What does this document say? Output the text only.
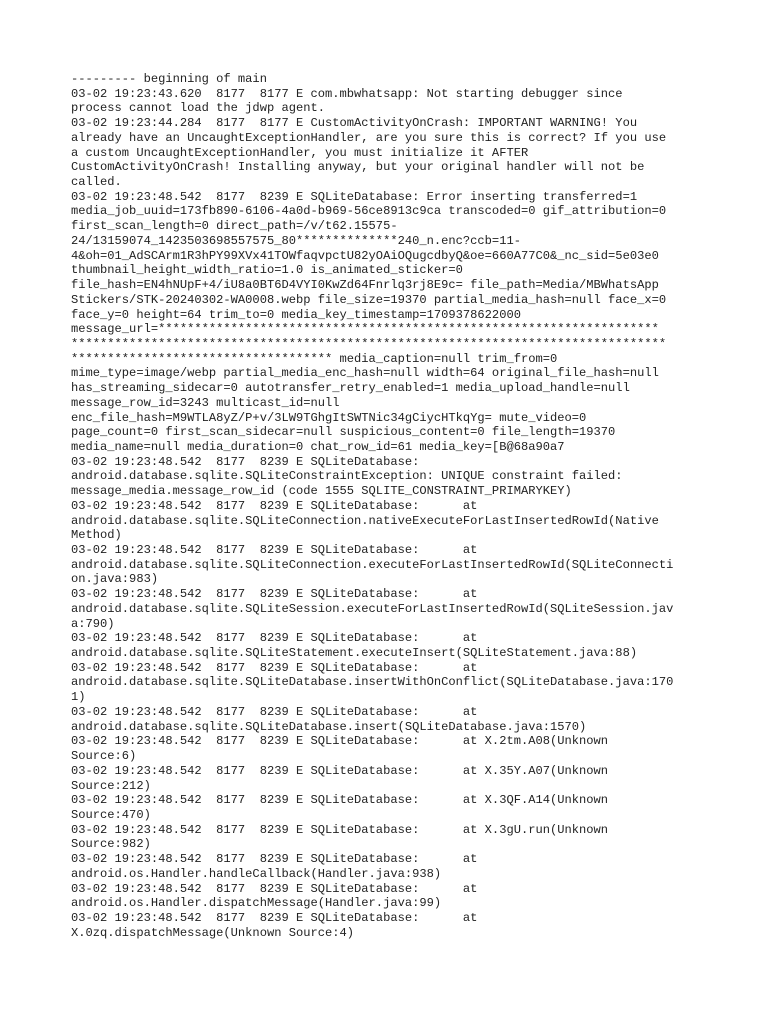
--------- beginning of main
03-02 19:23:43.620  8177  8177 E com.mbwhatsapp: Not starting debugger since
process cannot load the jdwp agent.
03-02 19:23:44.284  8177  8177 E CustomActivityOnCrash: IMPORTANT WARNING! You
already have an UncaughtExceptionHandler, are you sure this is correct? If you use
a custom UncaughtExceptionHandler, you must initialize it AFTER
CustomActivityOnCrash! Installing anyway, but your original handler will not be
called.
03-02 19:23:48.542  8177  8239 E SQLiteDatabase: Error inserting transferred=1
media_job_uuid=173fb890-6106-4a0d-b969-56ce8913c9ca transcoded=0 gif_attribution=0
first_scan_length=0 direct_path=/v/t62.15575-
24/13159074_1423503698557575_80**************240_n.enc?ccb=11-
4&oh=01_AdSCArm1R3hPY99XVx41TOWfaqvpctU82yOAiOQugcdbyQ&oe=660A77C0&_nc_sid=5e03e0
thumbnail_height_width_ratio=1.0 is_animated_sticker=0
file_hash=EN4hNUpF+4/iU8a0BT6D4VYI0KwZd64Fnrlq3rj8E9c= file_path=Media/MBWhatsApp
Stickers/STK-20240302-WA0008.webp file_size=19370 partial_media_hash=null face_x=0
face_y=0 height=64 trim_to=0 media_key_timestamp=1709378622000
message_url=*********************************************************************
**********************************************************************************
************************************ media_caption=null trim_from=0
mime_type=image/webp partial_media_enc_hash=null width=64 original_file_hash=null
has_streaming_sidecar=0 autotransfer_retry_enabled=1 media_upload_handle=null
message_row_id=3243 multicast_id=null
enc_file_hash=M9WTLA8yZ/P+v/3LW9TGhgItSWTNic34gCiycHTkqYg= mute_video=0
page_count=0 first_scan_sidecar=null suspicious_content=0 file_length=19370
media_name=null media_duration=0 chat_row_id=61 media_key=[B@68a90a7
03-02 19:23:48.542  8177  8239 E SQLiteDatabase:
android.database.sqlite.SQLiteConstraintException: UNIQUE constraint failed:
message_media.message_row_id (code 1555 SQLITE_CONSTRAINT_PRIMARYKEY)
03-02 19:23:48.542  8177  8239 E SQLiteDatabase:      at
android.database.sqlite.SQLiteConnection.nativeExecuteForLastInsertedRowId(Native
Method)
03-02 19:23:48.542  8177  8239 E SQLiteDatabase:      at
android.database.sqlite.SQLiteConnection.executeForLastInsertedRowId(SQLiteConnecti
on.java:983)
03-02 19:23:48.542  8177  8239 E SQLiteDatabase:      at
android.database.sqlite.SQLiteSession.executeForLastInsertedRowId(SQLiteSession.jav
a:790)
03-02 19:23:48.542  8177  8239 E SQLiteDatabase:      at
android.database.sqlite.SQLiteStatement.executeInsert(SQLiteStatement.java:88)
03-02 19:23:48.542  8177  8239 E SQLiteDatabase:      at
android.database.sqlite.SQLiteDatabase.insertWithOnConflict(SQLiteDatabase.java:170
1)
03-02 19:23:48.542  8177  8239 E SQLiteDatabase:      at
android.database.sqlite.SQLiteDatabase.insert(SQLiteDatabase.java:1570)
03-02 19:23:48.542  8177  8239 E SQLiteDatabase:      at X.2tm.A08(Unknown
Source:6)
03-02 19:23:48.542  8177  8239 E SQLiteDatabase:      at X.35Y.A07(Unknown
Source:212)
03-02 19:23:48.542  8177  8239 E SQLiteDatabase:      at X.3QF.A14(Unknown
Source:470)
03-02 19:23:48.542  8177  8239 E SQLiteDatabase:      at X.3gU.run(Unknown
Source:982)
03-02 19:23:48.542  8177  8239 E SQLiteDatabase:      at
android.os.Handler.handleCallback(Handler.java:938)
03-02 19:23:48.542  8177  8239 E SQLiteDatabase:      at
android.os.Handler.dispatchMessage(Handler.java:99)
03-02 19:23:48.542  8177  8239 E SQLiteDatabase:      at
X.0zq.dispatchMessage(Unknown Source:4)
